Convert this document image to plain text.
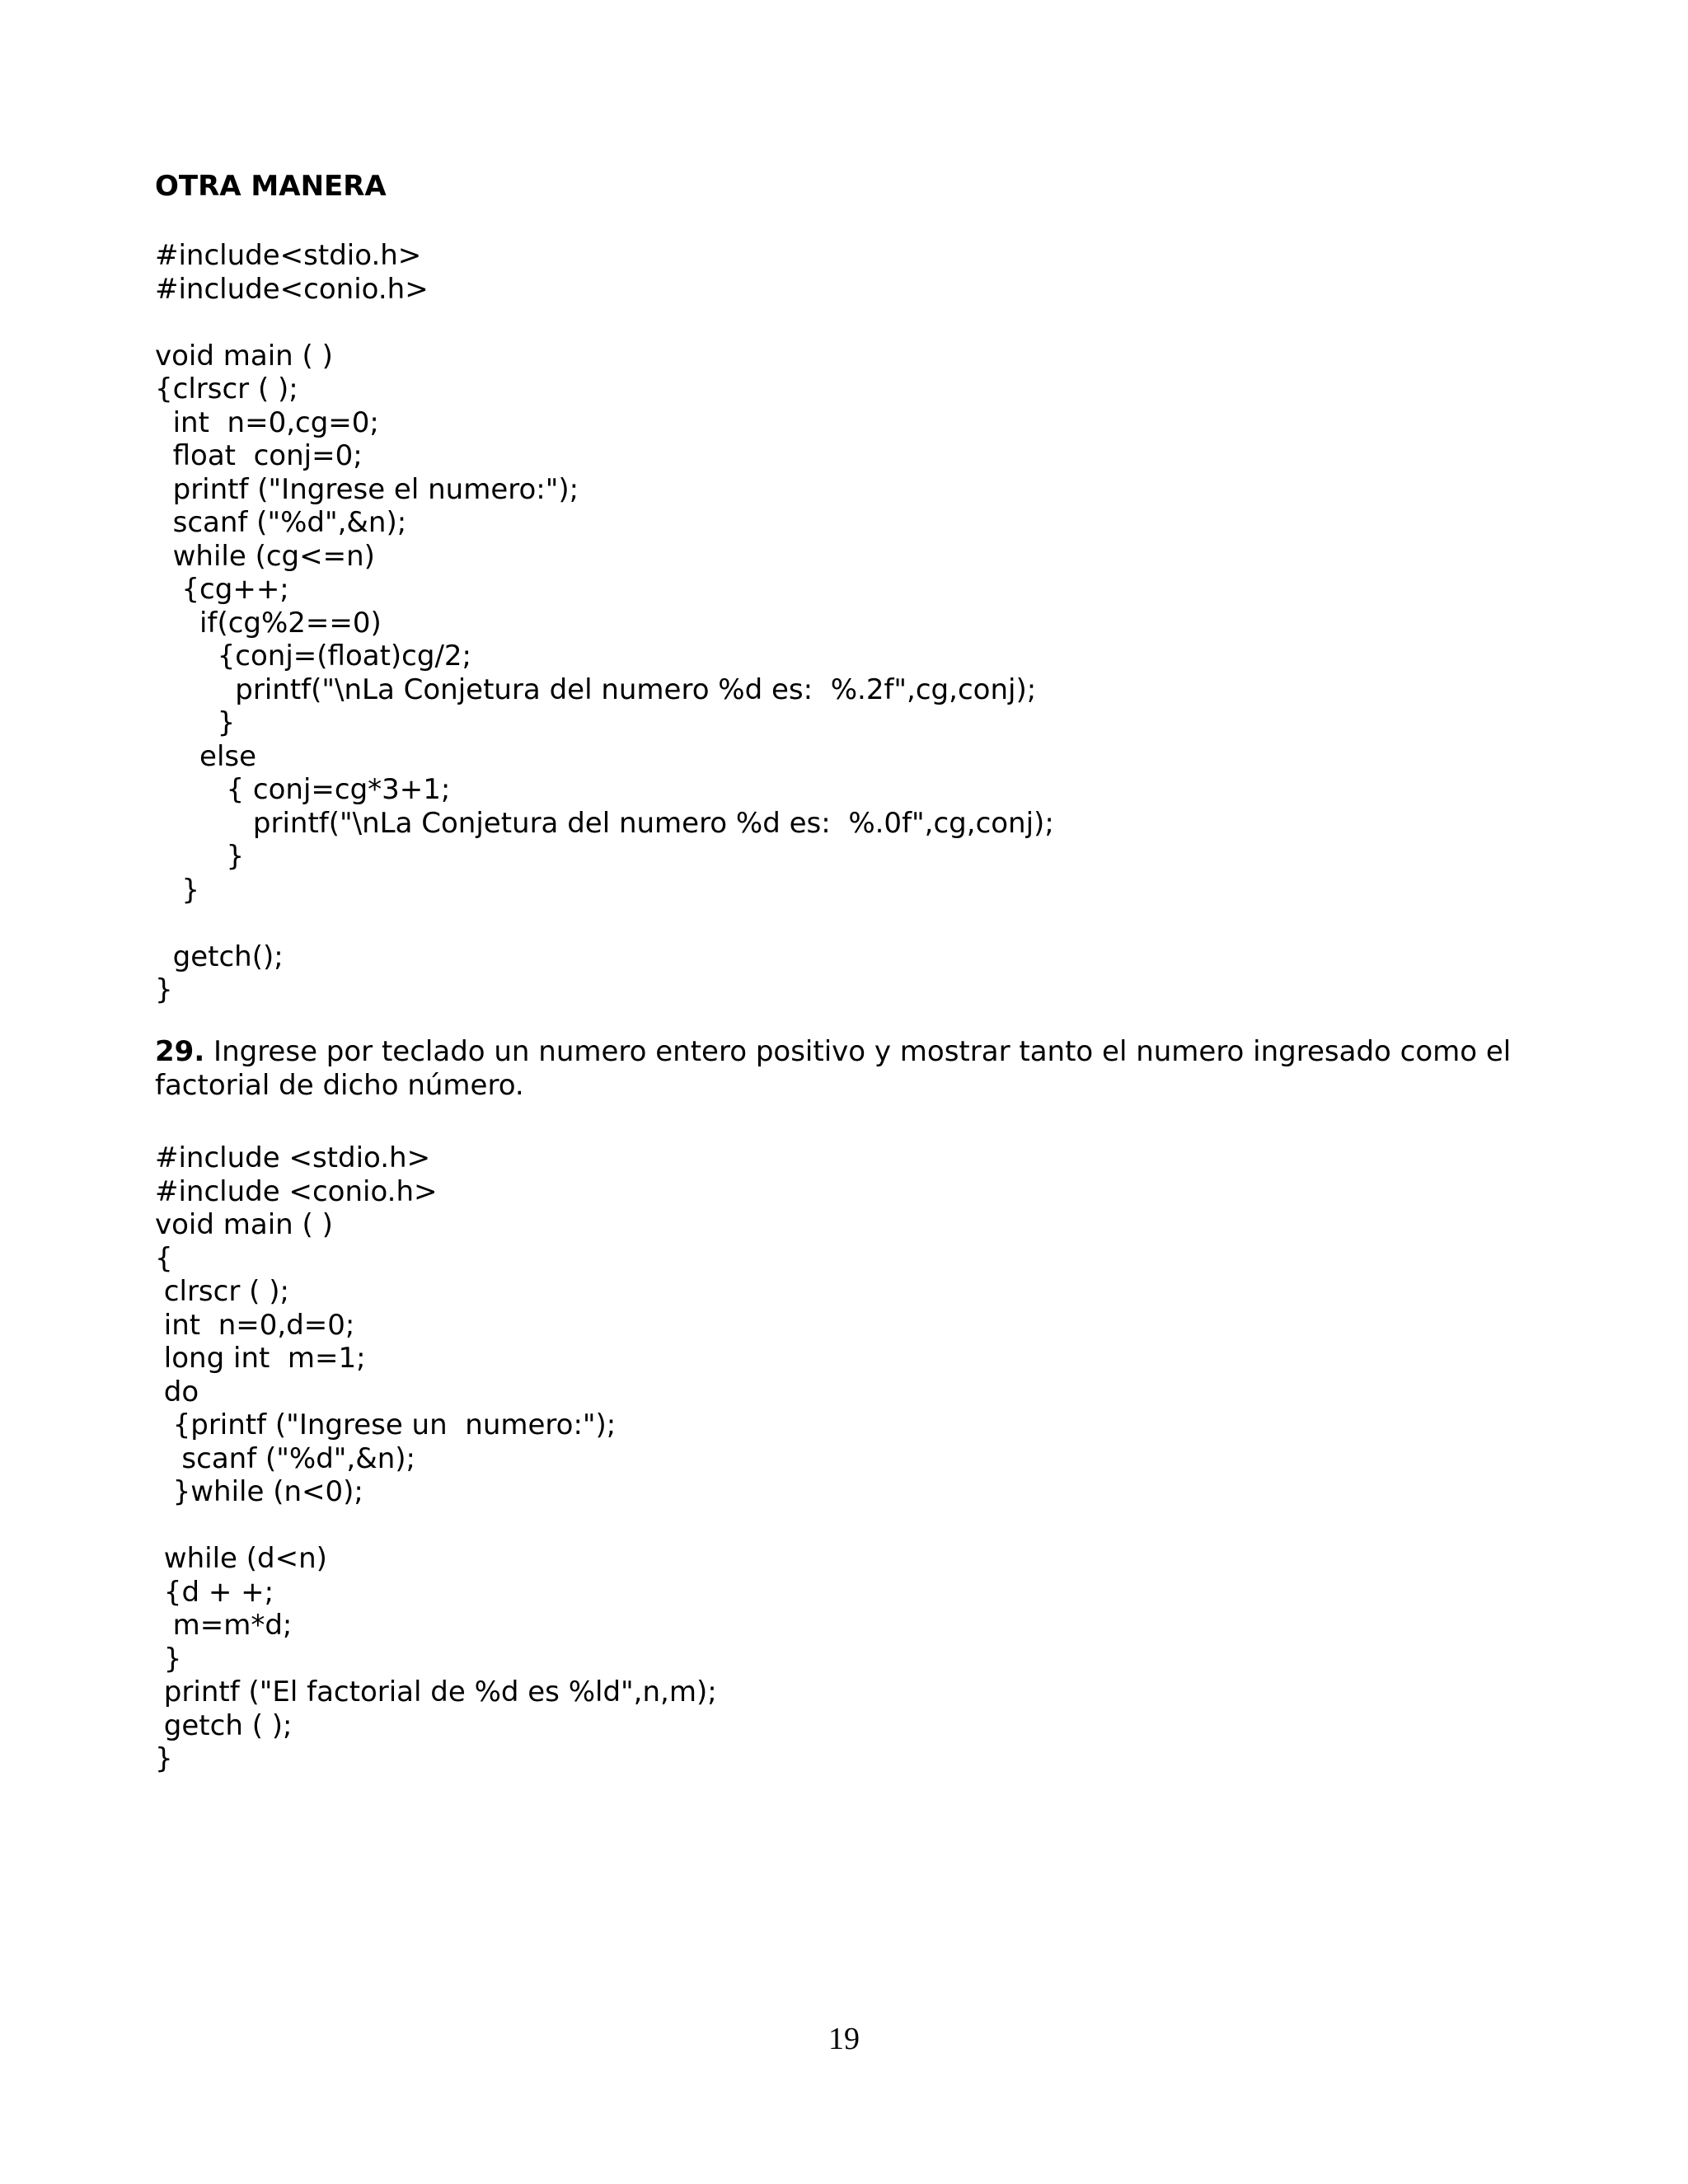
OTRA MANERA
#include<stdio.h>
#include<conio.h>
void main ( )
{clrscr ( );
int  n=0,cg=0;
float  conj=0;
printf ("Ingrese el numero:");
scanf ("%d",&n);
while (cg<=n)
{cg++;
if(cg%2==0)
{conj=(float)cg/2;
printf("\nLa Conjetura del numero %d es:  %.2f",cg,conj);
}
else
{ conj=cg*3+1;
printf("\nLa Conjetura del numero %d es:  %.0f",cg,conj);
}
}
getch();
}

29. Ingrese por teclado un numero entero positivo y mostrar tanto el numero ingresado como el factorial de dicho número.

#include <stdio.h>
#include <conio.h>
void main ( )
{
clrscr ( );
int  n=0,d=0;
long int  m=1;
do
{printf ("Ingrese un  numero:");
scanf ("%d",&n);
}while (n<0);
while (d<n)
{d + +;
m=m*d;
}
printf ("El factorial de %d es %ld",n,m);
getch ( );
}
19
